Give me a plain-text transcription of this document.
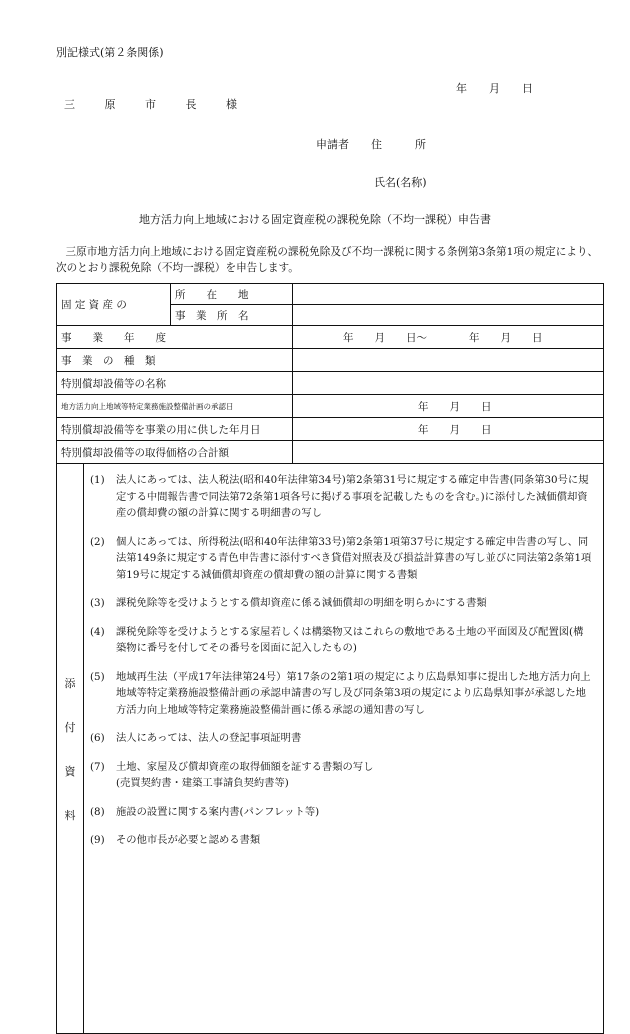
別記様式(第２条関係)
年　　月　　日
三 原 市 長 様
申請者　　住　　　所
氏名(名称)
地方活力向上地域における固定資産税の課税免除（不均一課税）申告書
三原市地方活力向上地域における固定資産税の課税免除及び不均一課税に関する条例第3条第1項の規定により、次のとおり課税免除（不均一課税）を申告します。
固 定 資 産 の
所　　在　　地
事　業　所　名
事　　業　　年　　度	年　　月　　日～　　　　年　　月　　日
事　業　の　種　類
特別償却設備等の名称
地方活力向上地域等特定業務施設整備計画の承認日	年　　月　　日
特別償却設備等を事業の用に供した年月日	年　　月　　日
特別償却設備等の取得価格の合計額
添
付
資
料
(1)	法人にあっては、法人税法(昭和40年法律第34号)第2条第31号に規定する確定申告書(同条第30号に規定する中間報告書で同法第72条第1項各号に掲げる事項を記載したものを含む。)に添付した減価償却資産の償却費の額の計算に関する明細書の写し
(2)	個人にあっては、所得税法(昭和40年法律第33号)第2条第1項第37号に規定する確定申告書の写し、同法第149条に規定する青色申告書に添付すべき貸借対照表及び損益計算書の写し並びに同法第2条第1項第19号に規定する減価償却資産の償却費の額の計算に関する書類
(3)	課税免除等を受けようとする償却資産に係る減価償却の明細を明らかにする書類
(4)	課税免除等を受けようとする家屋若しくは構築物又はこれらの敷地である土地の平面図及び配置図(構築物に番号を付してその番号を図面に記入したもの)
(5)	地域再生法（平成17年法律第24号）第17条の2第1項の規定により広島県知事に提出した地方活力向上地域等特定業務施設整備計画の承認申請書の写し及び同条第3項の規定により広島県知事が承認した地方活力向上地域等特定業務施設整備計画に係る承認の通知書の写し
(6)	法人にあっては、法人の登記事項証明書
(7)	土地、家屋及び償却資産の取得価額を証する書類の写し
(売買契約書・建築工事請負契約書等)
(8)	施設の設置に関する案内書(パンフレット等)
(9)	その他市長が必要と認める書類
